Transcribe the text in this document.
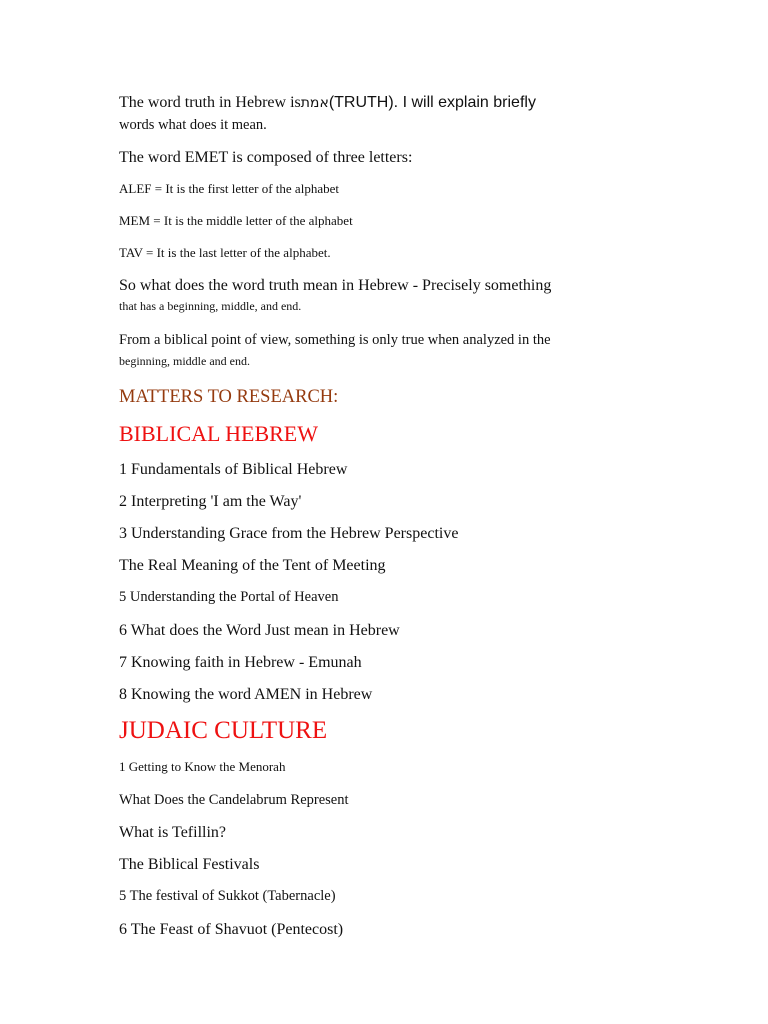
The word truth in Hebrew isאמת(TRUTH). I will explain briefly
words what does it mean.
The word EMET is composed of three letters:
ALEF = It is the first letter of the alphabet
MEM = It is the middle letter of the alphabet
TAV = It is the last letter of the alphabet.
So what does the word truth mean in Hebrew - Precisely something
that has a beginning, middle, and end.
From a biblical point of view, something is only true when analyzed in the
beginning, middle and end.
MATTERS TO RESEARCH:
BIBLICAL HEBREW
1 Fundamentals of Biblical Hebrew
2 Interpreting 'I am the Way'
3 Understanding Grace from the Hebrew Perspective
The Real Meaning of the Tent of Meeting
5 Understanding the Portal of Heaven
6 What does the Word Just mean in Hebrew
7 Knowing faith in Hebrew - Emunah
8 Knowing the word AMEN in Hebrew
JUDAIC CULTURE
1 Getting to Know the Menorah
What Does the Candelabrum Represent
What is Tefillin?
The Biblical Festivals
5 The festival of Sukkot (Tabernacle)
6 The Feast of Shavuot (Pentecost)
